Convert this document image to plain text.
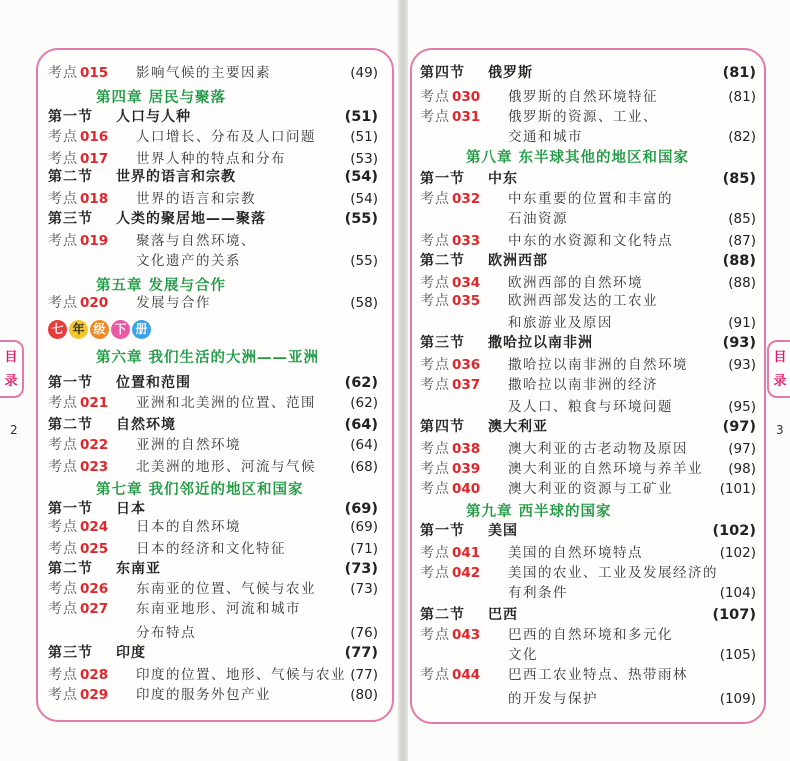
目
录
目
录
2	3
考点 015 影响气候的主要因素	(49)
第四章 居民与聚落
第一节 人口与人种	(51)
考点 016 人口增长、分布及人口问题	(51)
考点 017 世界人种的特点和分布	(53)
第二节 世界的语言和宗教	(54)
考点 018 世界的语言和宗教	(54)
第三节 人类的聚居地——聚落	(55)
考点 019 聚落与自然环境、
文化遗产的关系	(55)
第五章 发展与合作
考点 020 发展与合作	(58)
七 年 级 下 册
第六章 我们生活的大洲——亚洲
第一节 位置和范围	(62)
考点 021 亚洲和北美洲的位置、范围	(62)
第二节 自然环境	(64)
考点 022 亚洲的自然环境	(64)
考点 023 北美洲的地形、河流与气候	(68)
第七章 我们邻近的地区和国家
第一节 日本	(69)
考点 024 日本的自然环境	(69)
考点 025 日本的经济和文化特征	(71)
第二节 东南亚	(73)
考点 026 东南亚的位置、气候与农业	(73)
考点 027 东南亚地形、河流和城市
分布特点	(76)
第三节 印度	(77)
考点 028 印度的位置、地形、气候与农业 (77)
考点 029 印度的服务外包产业	(80)
第四节 俄罗斯	(81)
考点 030 俄罗斯的自然环境特征	(81)
考点 031 俄罗斯的资源、工业、
交通和城市	(82)
第八章 东半球其他的地区和国家
第一节 中东	(85)
考点 032 中东重要的位置和丰富的
石油资源	(85)
考点 033 中东的水资源和文化特点	(87)
第二节 欧洲西部	(88)
考点 034 欧洲西部的自然环境	(88)
考点 035 欧洲西部发达的工农业
和旅游业及原因	(91)
第三节 撒哈拉以南非洲	(93)
考点 036 撒哈拉以南非洲的自然环境	(93)
考点 037 撒哈拉以南非洲的经济
及人口、粮食与环境问题	(95)
第四节 澳大利亚	(97)
考点 038 澳大利亚的古老动物及原因	(97)
考点 039 澳大利亚的自然环境与养羊业 (98)
考点 040 澳大利亚的资源与工矿业	(101)
第九章 西半球的国家
第一节 美国	(102)
考点 041 美国的自然环境特点	(102)
考点 042 美国的农业、工业及发展经济的
有利条件	(104)
第二节 巴西	(107)
考点 043 巴西的自然环境和多元化
文化	(105)
考点 044 巴西工农业特点、热带雨林
的开发与保护	(109)
